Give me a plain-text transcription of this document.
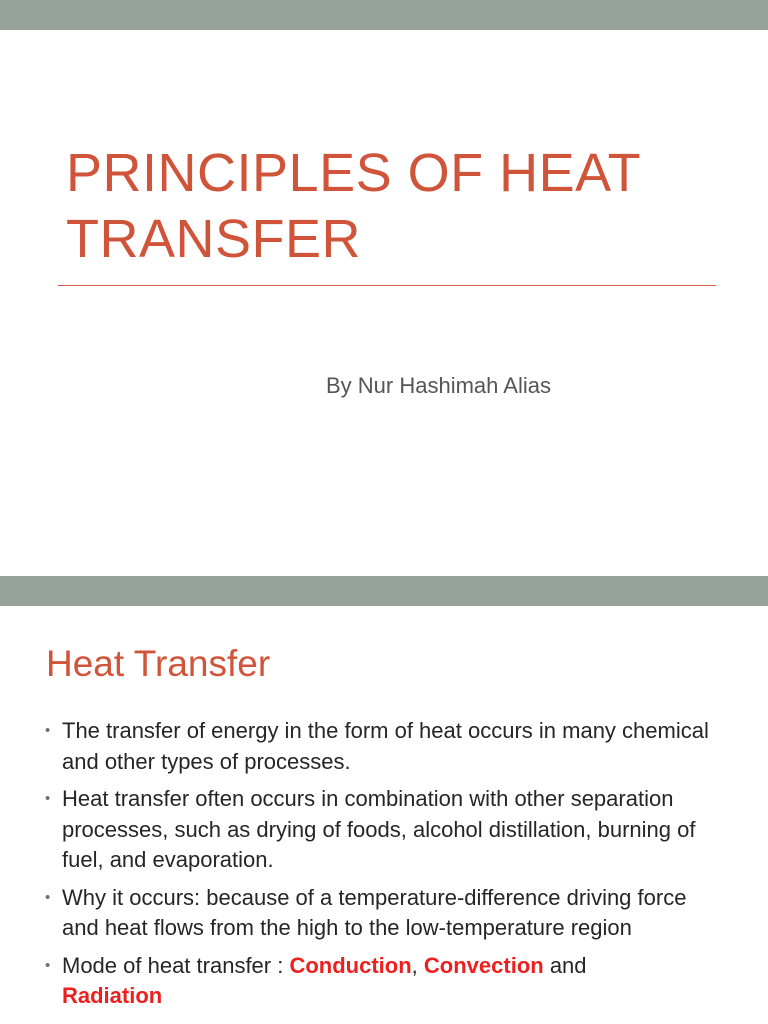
PRINCIPLES OF HEAT
TRANSFER

By Nur Hashimah Alias

Heat Transfer
• The transfer of energy in the form of heat occurs in many chemical and other types of processes.
• Heat transfer often occurs in combination with other separation processes, such as drying of foods, alcohol distillation, burning of fuel, and evaporation.
• Why it occurs: because of a temperature-difference driving force and heat flows from the high to the low-temperature region
• Mode of heat transfer : Conduction, Convection and
Radiation
